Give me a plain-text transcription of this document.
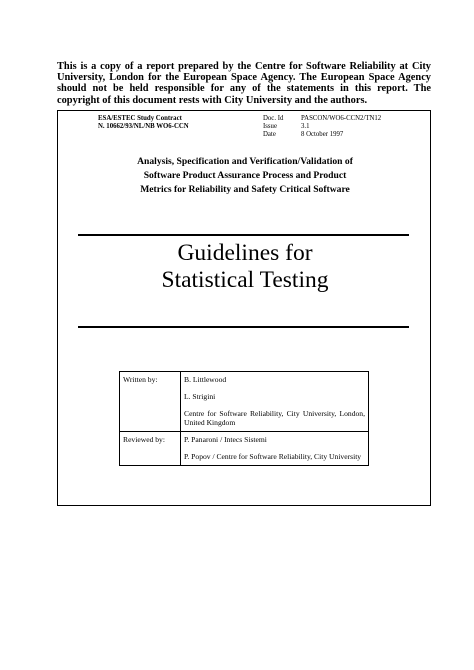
This is a copy of a report prepared by the Centre for Software Reliability at City University, London for the European Space Agency. The European Space Agency should not be held responsible for any of the statements in this report. The copyright of this document rests with City University and the authors.

ESA/ESTEC Study Contract
N. 10662/93/NL/NB WO6-CCN
Doc. Id	PASCON/WO6-CCN2/TN12
Issue	3.1
Date	8 October 1997
Analysis, Specification and Verification/Validation of
Software Product Assurance Process and Product
Metrics for Reliability and Safety Critical Software
Guidelines for
Statistical Testing
Written by:	B. Littlewood

L. Strigini

Centre for Software Reliability, City University, London, United Kingdom

Reviewed by:	P. Panaroni / Intecs Sistemi

P. Popov / Centre for Software Reliability, City University
